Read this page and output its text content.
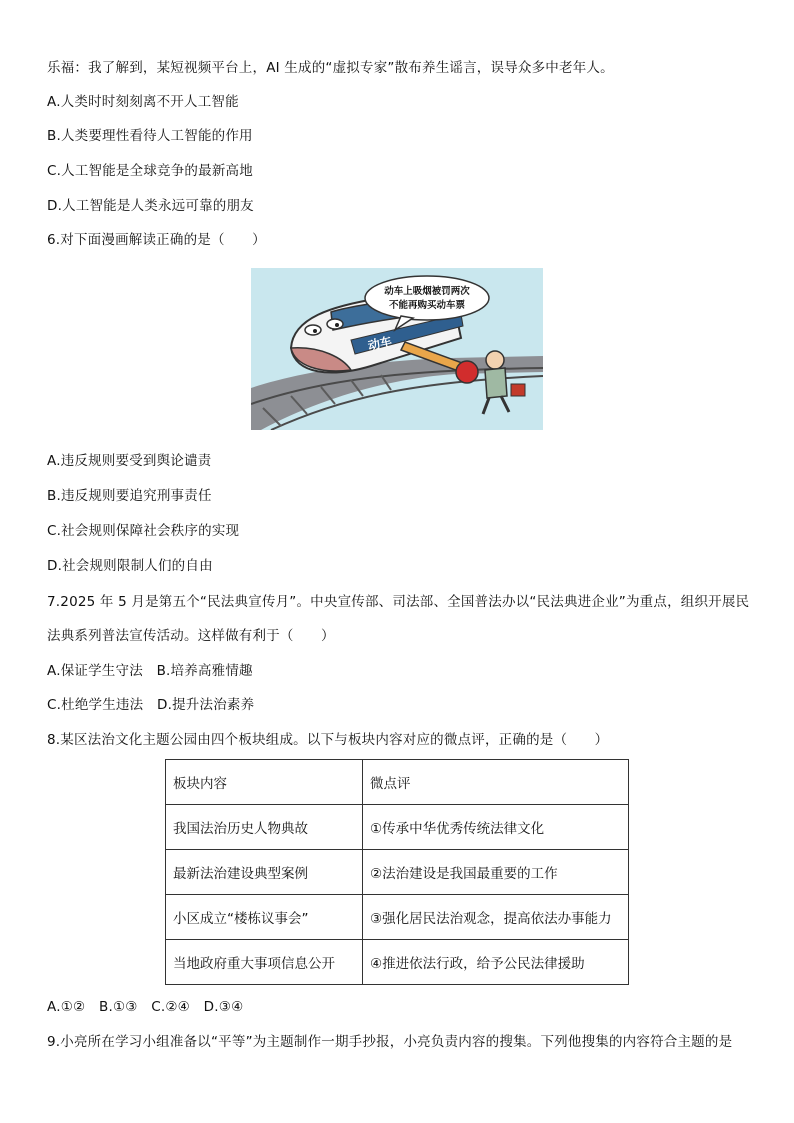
乐福：我了解到，某短视频平台上，AI 生成的“虚拟专家”散布养生谣言，误导众多中老年人。
A.人类时时刻刻离不开人工智能
B.人类要理性看待人工智能的作用
C.人工智能是全球竞争的最新高地
D.人工智能是人类永远可靠的朋友
6.对下面漫画解读正确的是（　　）
动车
动车上吸烟被罚两次
不能再购买动车票
A.违反规则要受到舆论谴责
B.违反规则要追究刑事责任
C.社会规则保障社会秩序的实现
D.社会规则限制人们的自由
7.2025 年 5 月是第五个“民法典宣传月”。中央宣传部、司法部、全国普法办以“民法典进企业”为重点，组织开展民
法典系列普法宣传活动。这样做有利于（　　）
A.保证学生守法　B.培养高雅情趣
C.杜绝学生违法　D.提升法治素养
8.某区法治文化主题公园由四个板块组成。以下与板块内容对应的微点评，正确的是（　　）
板块内容	微点评
我国法治历史人物典故	①传承中华优秀传统法律文化
最新法治建设典型案例	②法治建设是我国最重要的工作
小区成立“楼栋议事会”	③强化居民法治观念，提高依法办事能力
当地政府重大事项信息公开	④推进依法行政，给予公民法律援助
A.①②　B.①③　C.②④　D.③④
9.小亮所在学习小组准备以“平等”为主题制作一期手抄报，小亮负责内容的搜集。下列他搜集的内容符合主题的是
